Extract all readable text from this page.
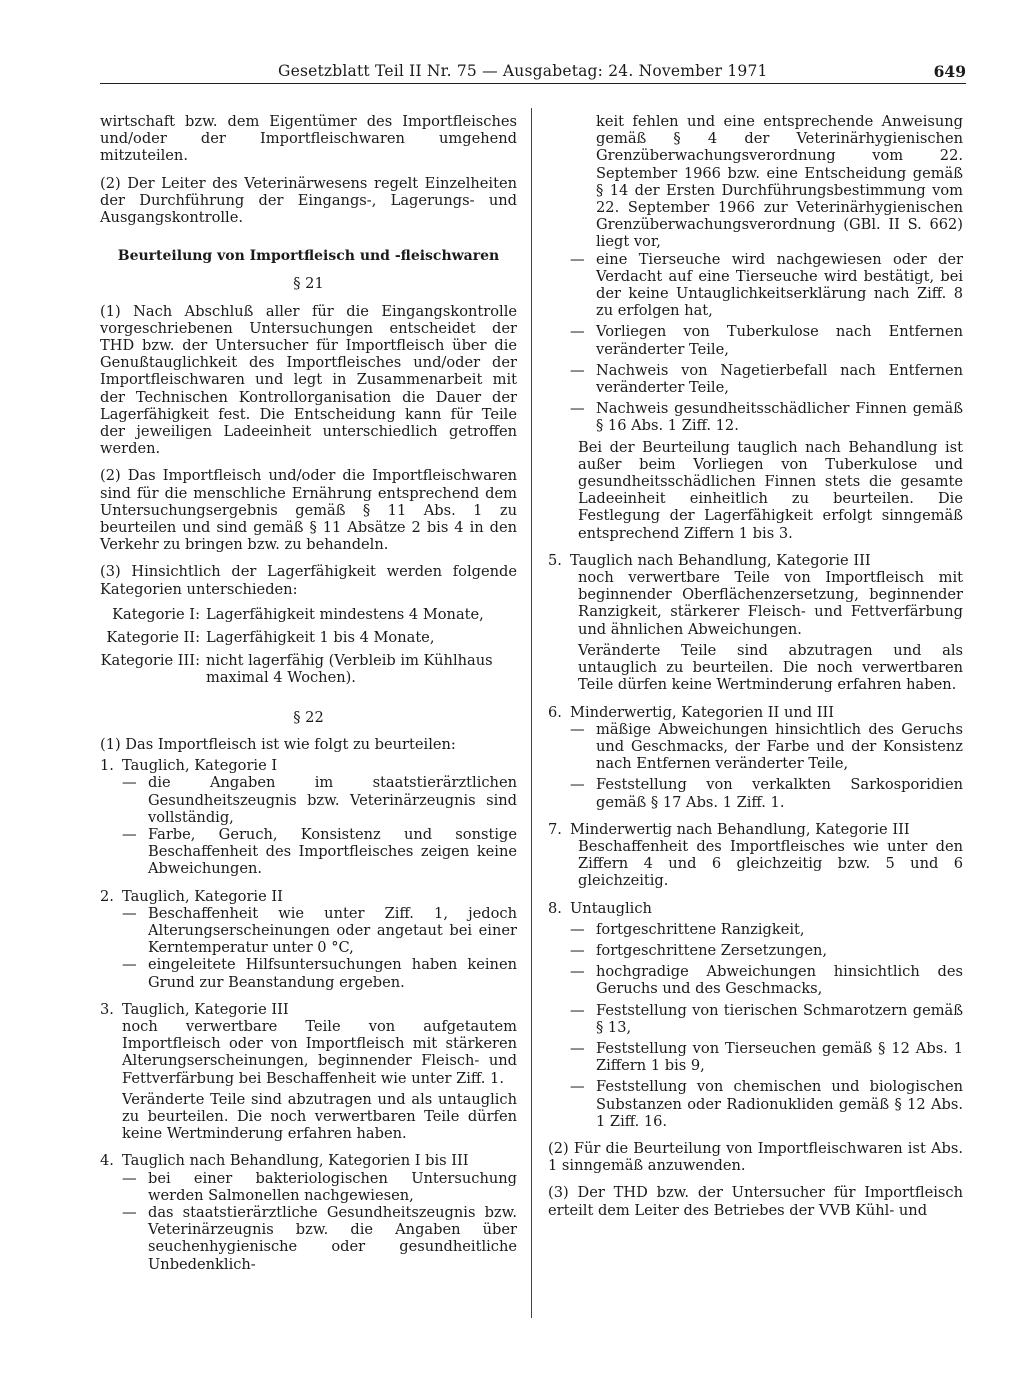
Gesetzblatt Teil II Nr. 75 — Ausgabetag: 24. November 1971	649

wirtschaft bzw. dem Eigentümer des Importfleisches und/oder der Importfleischwaren umgehend mitzuteilen.

(2) Der Leiter des Veterinärwesens regelt Einzelheiten der Durchführung der Eingangs-, Lagerungs- und Ausgangskontrolle.

Beurteilung von Importfleisch und -fleischwaren

§ 21

(1) Nach Abschluß aller für die Eingangskontrolle vorgeschriebenen Untersuchungen entscheidet der THD bzw. der Untersucher für Importfleisch über die Genußtauglichkeit des Importfleisches und/oder der Importfleischwaren und legt in Zusammenarbeit mit der Technischen Kontrollorganisation die Dauer der Lagerfähigkeit fest. Die Entscheidung kann für Teile der jeweiligen Ladeeinheit unterschiedlich getroffen werden.

(2) Das Importfleisch und/oder die Importfleischwaren sind für die menschliche Ernährung entsprechend dem Untersuchungsergebnis gemäß § 11 Abs. 1 zu beurteilen und sind gemäß § 11 Absätze 2 bis 4 in den Verkehr zu bringen bzw. zu behandeln.

(3) Hinsichtlich der Lagerfähigkeit werden folgende Kategorien unterschieden:

Kategorie I: Lagerfähigkeit mindestens 4 Monate,
Kategorie II: Lagerfähigkeit 1 bis 4 Monate,
Kategorie III: nicht lagerfähig (Verbleib im Kühlhaus maximal 4 Wochen).

§ 22

(1) Das Importfleisch ist wie folgt zu beurteilen:

1. Tauglich, Kategorie I
— die Angaben im staatstierärztlichen Gesundheitszeugnis bzw. Veterinärzeugnis sind vollständig,
— Farbe, Geruch, Konsistenz und sonstige Beschaffenheit des Importfleisches zeigen keine Abweichungen.
2. Tauglich, Kategorie II
— Beschaffenheit wie unter Ziff. 1, jedoch Alterungserscheinungen oder angetaut bei einer Kerntemperatur unter 0 °C,
— eingeleitete Hilfsuntersuchungen haben keinen Grund zur Beanstandung ergeben.
3. Tauglich, Kategorie III

noch verwertbare Teile von aufgetautem Importfleisch oder von Importfleisch mit stärkeren Alterungserscheinungen, beginnender Fleisch- und Fettverfärbung bei Beschaffenheit wie unter Ziff. 1.

Veränderte Teile sind abzutragen und als untauglich zu beurteilen. Die noch verwertbaren Teile dürfen keine Wertminderung erfahren haben.

4. Tauglich nach Behandlung, Kategorien I bis III
— bei einer bakteriologischen Untersuchung werden Salmonellen nachgewiesen,
— das staatstierärztliche Gesundheitszeugnis bzw. Veterinärzeugnis bzw. die Angaben über seuchenhygienische oder gesundheitliche Unbedenklich-

keit fehlen und eine entsprechende Anweisung gemäß § 4 der Veterinärhygienischen Grenzüberwachungsverordnung vom 22. September 1966 bzw. eine Entscheidung gemäß § 14 der Ersten Durchführungsbestimmung vom 22. September 1966 zur Veterinärhygienischen Grenzüberwachungsverordnung (GBl. II S. 662) liegt vor,

— eine Tierseuche wird nachgewiesen oder der Verdacht auf eine Tierseuche wird bestätigt, bei der keine Untauglichkeitserklärung nach Ziff. 8 zu erfolgen hat,
— Vorliegen von Tuberkulose nach Entfernen veränderter Teile,
— Nachweis von Nagetierbefall nach Entfernen veränderter Teile,
— Nachweis gesundheitsschädlicher Finnen gemäß § 16 Abs. 1 Ziff. 12.

Bei der Beurteilung tauglich nach Behandlung ist außer beim Vorliegen von Tuberkulose und gesundheitsschädlichen Finnen stets die gesamte Ladeeinheit einheitlich zu beurteilen. Die Festlegung der Lagerfähigkeit erfolgt sinngemäß entsprechend Ziffern 1 bis 3.

5. Tauglich nach Behandlung, Kategorie III

noch verwertbare Teile von Importfleisch mit beginnender Oberflächenzersetzung, beginnender Ranzigkeit, stärkerer Fleisch- und Fettverfärbung und ähnlichen Abweichungen.

Veränderte Teile sind abzutragen und als untauglich zu beurteilen. Die noch verwertbaren Teile dürfen keine Wertminderung erfahren haben.

6. Minderwertig, Kategorien II und III
— mäßige Abweichungen hinsichtlich des Geruchs und Geschmacks, der Farbe und der Konsistenz nach Entfernen veränderter Teile,
— Feststellung von verkalkten Sarkosporidien gemäß § 17 Abs. 1 Ziff. 1.
7. Minderwertig nach Behandlung, Kategorie III

Beschaffenheit des Importfleisches wie unter den Ziffern 4 und 6 gleichzeitig bzw. 5 und 6 gleichzeitig.

8. Untauglich
— fortgeschrittene Ranzigkeit,
— fortgeschrittene Zersetzungen,
— hochgradige Abweichungen hinsichtlich des Geruchs und des Geschmacks,
— Feststellung von tierischen Schmarotzern gemäß § 13,
— Feststellung von Tierseuchen gemäß § 12 Abs. 1 Ziffern 1 bis 9,
— Feststellung von chemischen und biologischen Substanzen oder Radionukliden gemäß § 12 Abs. 1 Ziff. 16.

(2) Für die Beurteilung von Importfleischwaren ist Abs. 1 sinngemäß anzuwenden.

(3) Der THD bzw. der Untersucher für Importfleisch erteilt dem Leiter des Betriebes der VVB Kühl- und
